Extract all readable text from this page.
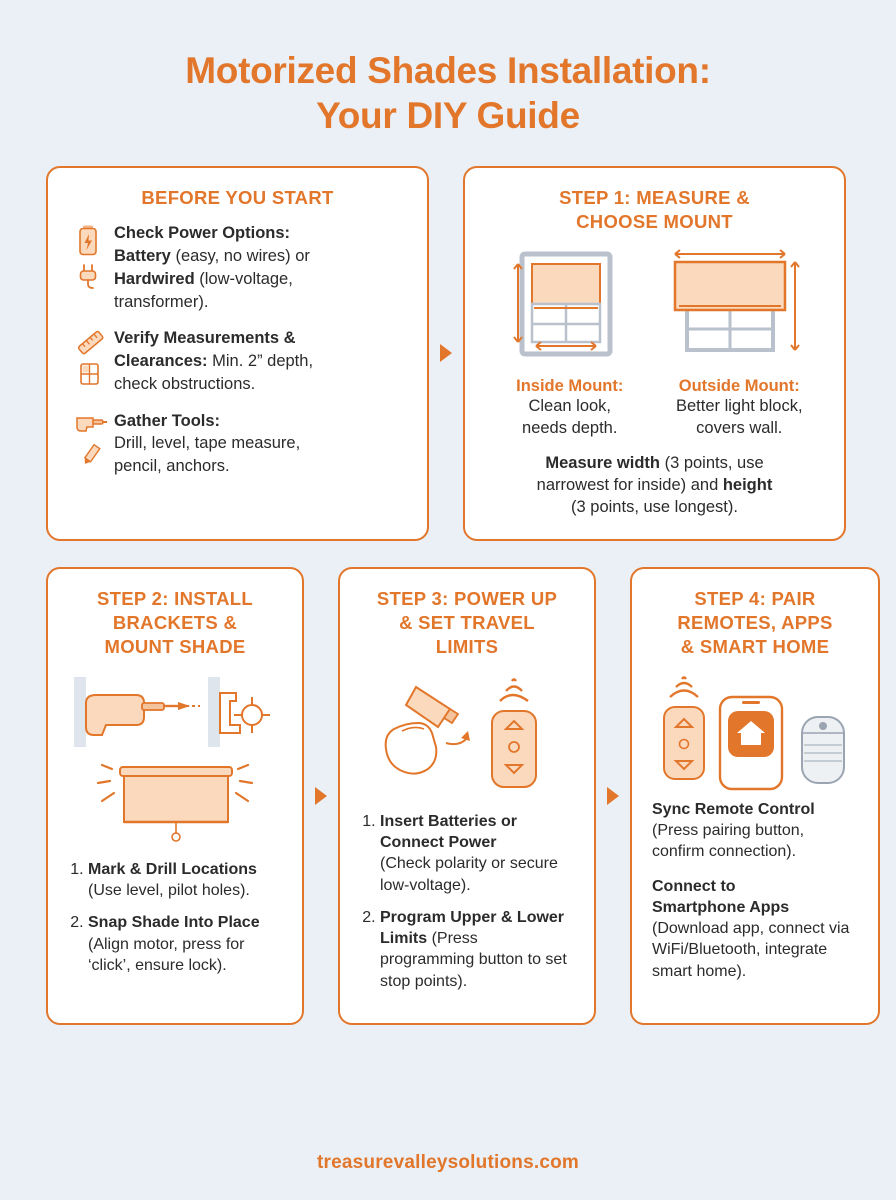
Motorized Shades Installation:
Your DIY Guide
BEFORE YOU START
Check Power Options:
Battery (easy, no wires) or
Hardwired (low-voltage,
transformer).
Verify Measurements &
Clearances: Min. 2” depth,
check obstructions.
Gather Tools:
Drill, level, tape measure,
pencil, anchors.
STEP 1: MEASURE &
CHOOSE MOUNT
Inside Mount:
Clean look,
needs depth.
Outside Mount:
Better light block,
covers wall.
Measure width (3 points, use
narrowest for inside) and height
(3 points, use longest).
STEP 2: INSTALL
BRACKETS &
MOUNT SHADE
1. Mark & Drill Locations
(Use level, pilot holes).
2. Snap Shade Into Place
(Align motor, press for ‘click’, ensure lock).
STEP 3: POWER UP
& SET TRAVEL
LIMITS
1. Insert Batteries or Connect Power
(Check polarity or secure low-voltage).
2. Program Upper & Lower Limits (Press programming button to set stop points).
STEP 4: PAIR
REMOTES, APPS
& SMART HOME
Sync Remote Control
(Press pairing button, confirm connection).
Connect to
Smartphone Apps
(Download app, connect via WiFi/Bluetooth, integrate smart home).
treasurevalleysolutions.com
